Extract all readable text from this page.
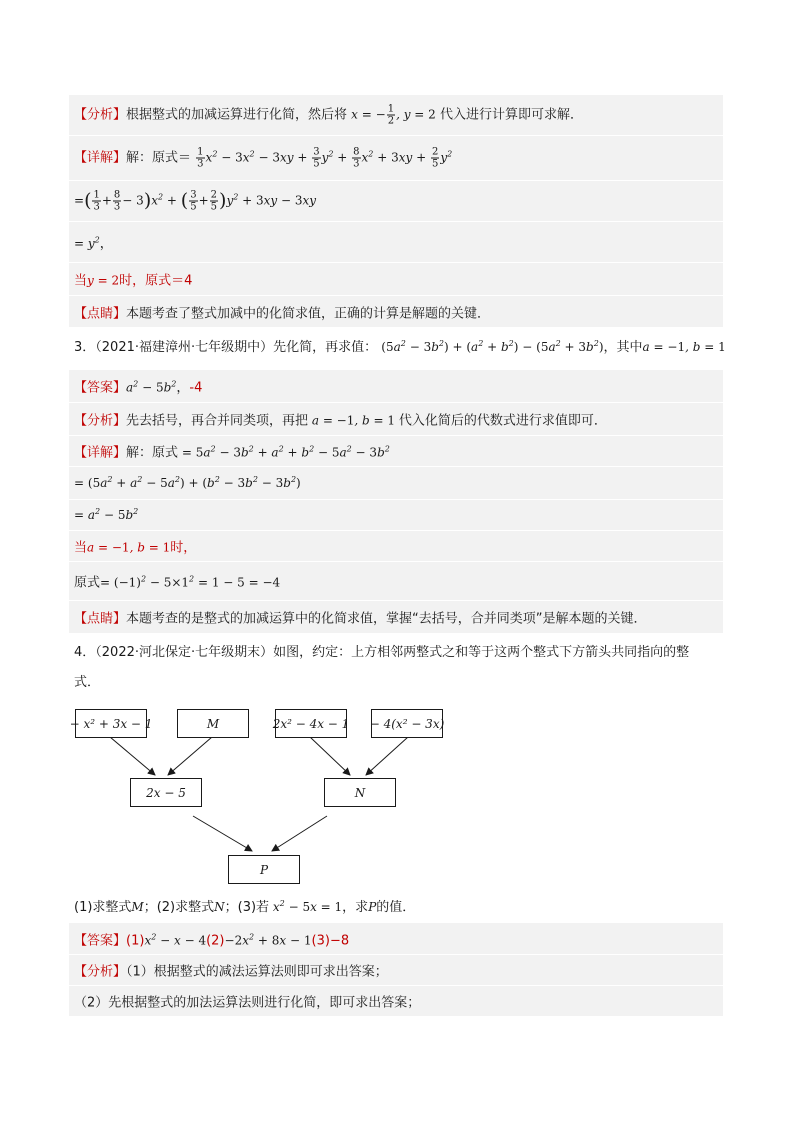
【分析】根据整式的加减运算进行化简，然后将 x = − $\frac{1}{2}$ , y = 2 代入进行计算即可求解．
【详解】解：原式＝ $\frac{1}{3} x^2 - 3x^2 - 3xy + \frac{3}{5} y^2 + \frac{8}{3} x^2 + 3xy + \frac{2}{5} y^2$
=( $\frac{1}{3} + \frac{8}{3} - 3)x^2$ + ( $\frac{3}{5} + \frac{2}{5} )y^2 + 3xy - 3xy$
= $y^2$，
当y = 2时，原式＝4
【点睛】本题考查了整式加减中的化简求值，正确的计算是解题的关键．
3．（2021·福建漳州·七年级期中）先化简，再求值： $(5a^2 - 3b^2) + (a^2 + b^2) - (5a^2 + 3b^2)$，其中a = −1, b = 1
【答案】$a^2 - 5b^2$，-4
【分析】先去括号，再合并同类项，再把 a = −1, b = 1 代入化简后的代数式进行求值即可．
【详解】解：原式 = $5a^2 - 3b^2 + a^2 + b^2 - 5a^2 - 3b^2$
= $(5a^2 + a^2 - 5a^2) + (b^2 - 3b^2 - 3b^2)$
= $a^2 - 5b^2$
当a = −1, b = 1时，
原式= $(-1)^2 - 5\times 1^2 = 1 - 5 = -4$
【点睛】本题考查的是整式的加减运算中的化简求值，掌握“去括号，合并同类项”是解本题的关键．
4．（2022·河北保定·七年级期末）如图，约定：上方相邻两整式之和等于这两个整式下方箭头共同指向的整
式．
− x² + 3x − 1	M	2x² − 4x − 1 − 4(x² − 3x)
2x − 5	N
P
(1)求整式M；(2)求整式N；(3)若 $x^2 - 5x = 1$，求P的值．
【答案】$(1)x^2 - x - 4(2)-2x^2 + 8x - 1(3)-8$
【分析】（1）根据整式的减法运算法则即可求出答案；
（2）先根据整式的加法运算法则进行化简，即可求出答案；
